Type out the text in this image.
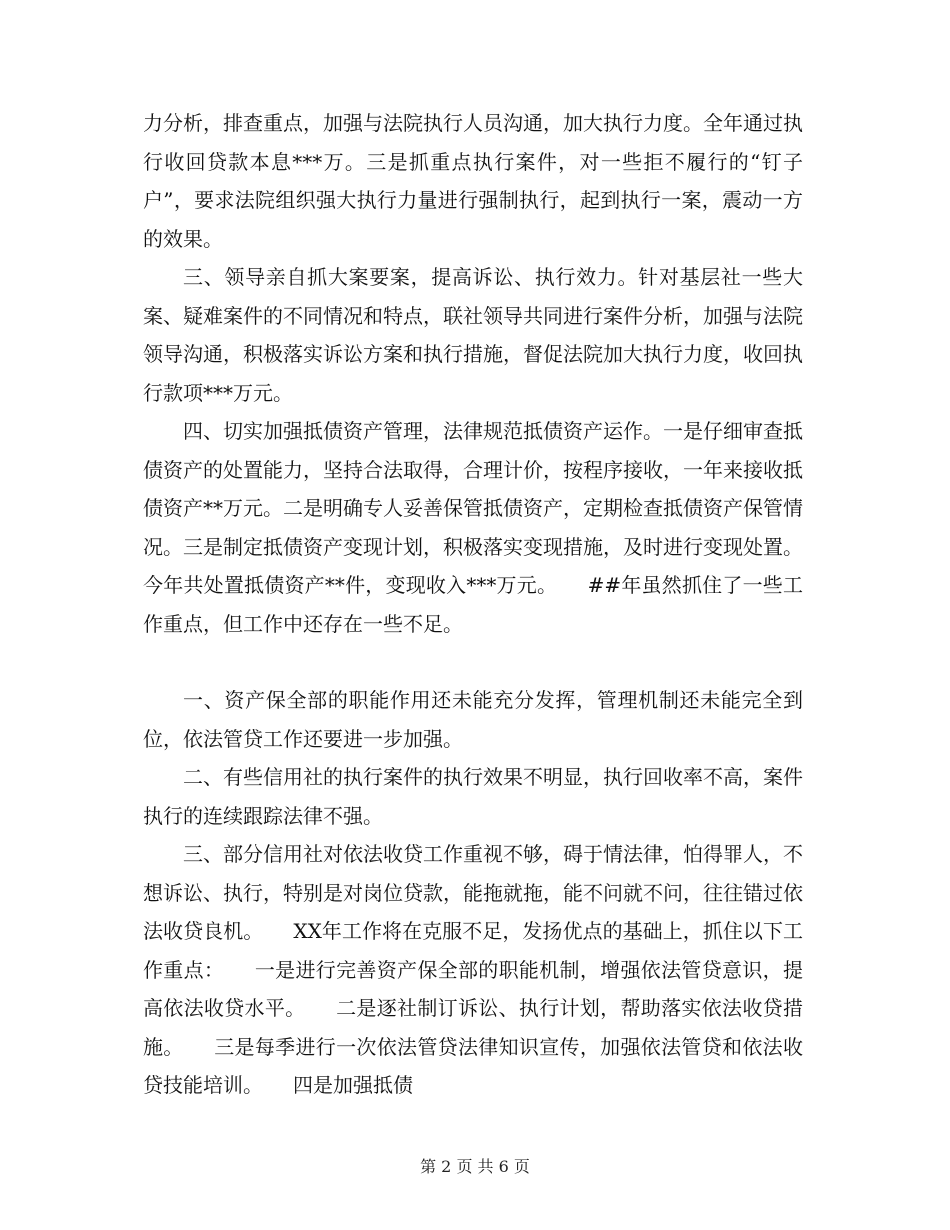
力分析，排查重点，加强与法院执行人员沟通，加大执行力度。全年通过执行收回贷款本息***万。三是抓重点执行案件，对一些拒不履行的“钉子户”，要求法院组织强大执行力量进行强制执行，起到执行一案，震动一方的效果。

三、领导亲自抓大案要案，提高诉讼、执行效力。针对基层社一些大案、疑难案件的不同情况和特点，联社领导共同进行案件分析，加强与法院领导沟通，积极落实诉讼方案和执行措施，督促法院加大执行力度，收回执行款项***万元。

四、切实加强抵债资产管理，法律规范抵债资产运作。一是仔细审查抵债资产的处置能力，坚持合法取得，合理计价，按程序接收，一年来接收抵债资产**万元。二是明确专人妥善保管抵债资产，定期检查抵债资产保管情况。三是制定抵债资产变现计划，积极落实变现措施，及时进行变现处置。今年共处置抵债资产**件，变现收入***万元。　　##年虽然抓住了一些工作重点，但工作中还存在一些不足。

一、资产保全部的职能作用还未能充分发挥，管理机制还未能完全到位，依法管贷工作还要进一步加强。

二、有些信用社的执行案件的执行效果不明显，执行回收率不高，案件执行的连续跟踪法律不强。

三、部分信用社对依法收贷工作重视不够，碍于情法律，怕得罪人，不想诉讼、执行，特别是对岗位贷款，能拖就拖，能不问就不问，往往错过依法收贷良机。　　XX年工作将在克服不足，发扬优点的基础上，抓住以下工作重点：　　一是进行完善资产保全部的职能机制，增强依法管贷意识，提高依法收贷水平。　　二是逐社制订诉讼、执行计划，帮助落实依法收贷措施。　　三是每季进行一次依法管贷法律知识宣传，加强依法管贷和依法收贷技能培训。　　四是加强抵债

第 2 页 共 6 页
